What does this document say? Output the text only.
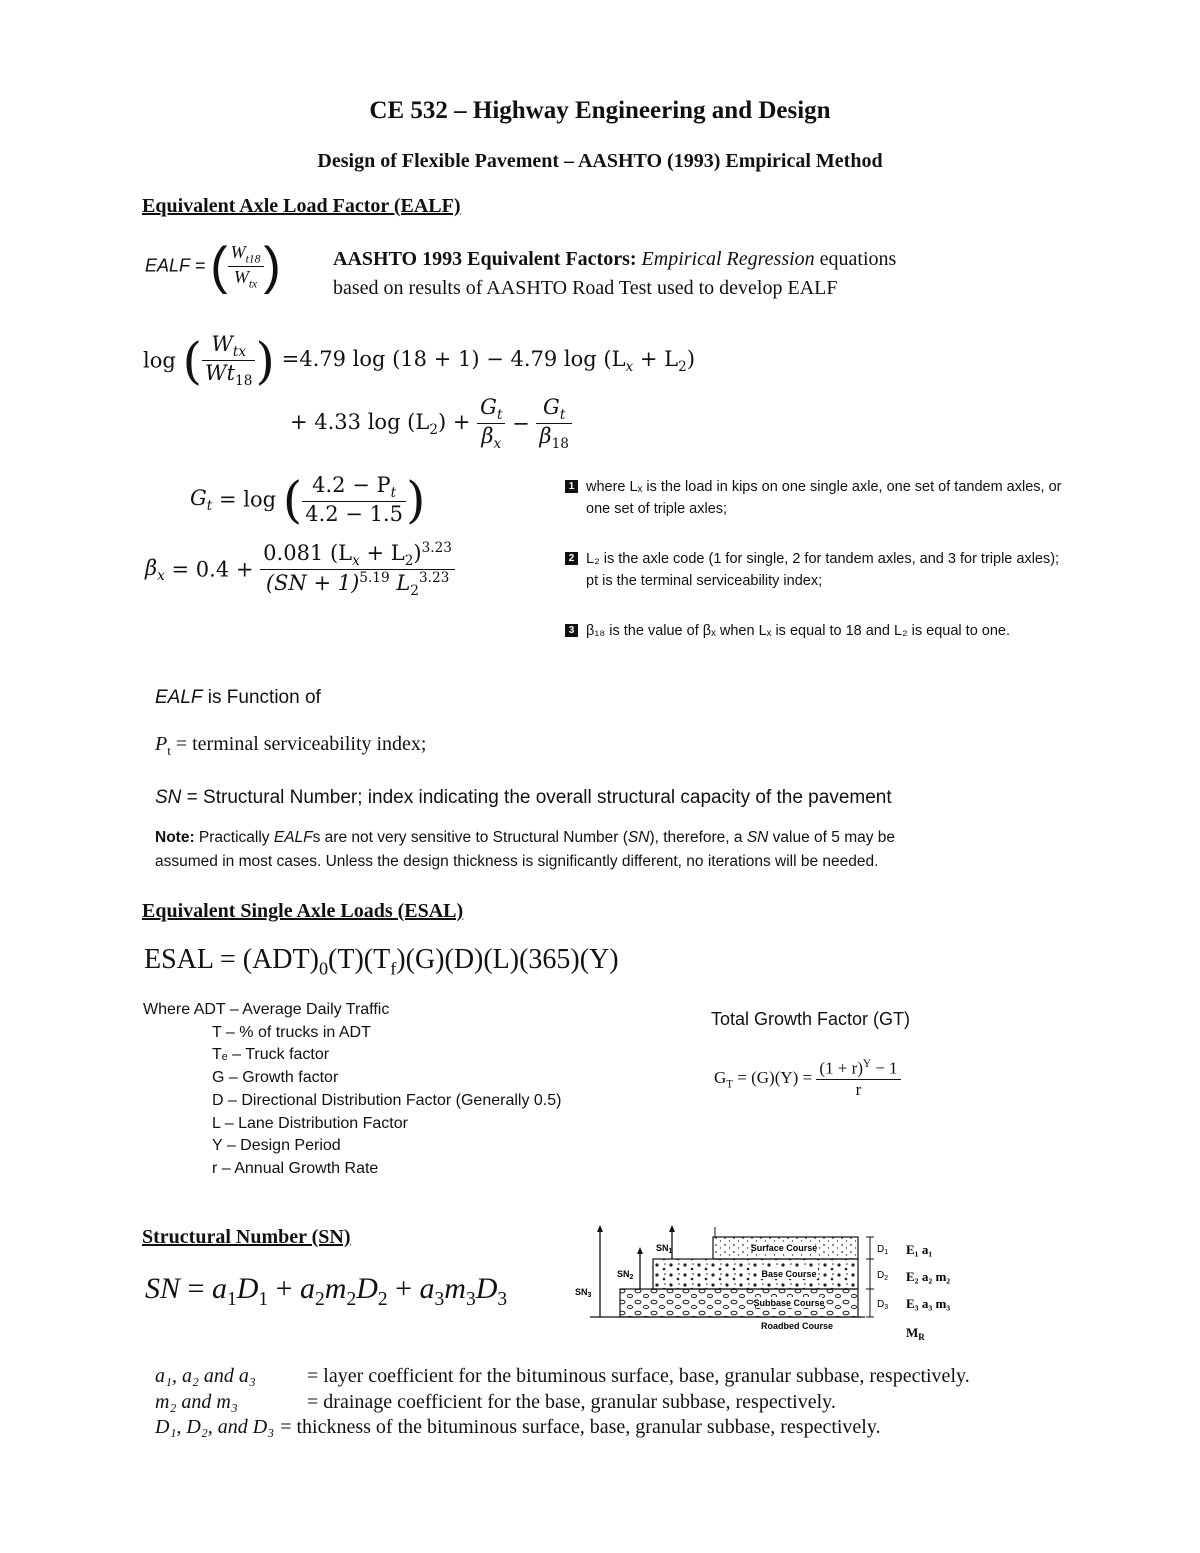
CE 532 – Highway Engineering and Design
Design of Flexible Pavement – AASHTO (1993) Empirical Method
Equivalent Axle Load Factor (EALF)
EALF = ( $\frac{W_{t18}}{W_{tx}}$ )	AASHTO 1993 Equivalent Factors: Empirical Regression equations
based on results of AASHTO Road Test used to develop EALF
log ( $\frac{W_{tx}}{Wt_{18}}$ ) =4.79 log (18 + 1) − 4.79 $\log (L_x + L_2)$
+ 4.33 $\log (L_2) + \frac{G_t}{\beta_x} - \frac{G_t}{\beta_{18}}$
$G_t = \log$ ( $\frac{4.2 - P_t}{4.2 - 1.5}$ )
$\beta_x = 0.4 + \frac{0.081 (L_x + L_2)^{3.23}}{(SN + 1)^{5.19} L_2^{3.23}}$
1 where Lₓ is the load in kips on one single axle, one set of tandem axles, or one set of triple axles;
2 L₂ is the axle code (1 for single, 2 for tandem axles, and 3 for triple axles); pt is the terminal serviceability index;
3 β₁₈ is the value of βₓ when Lₓ is equal to 18 and L₂ is equal to one.
EALF is Function of
$P_t$ = terminal serviceability index;
SN = Structural Number; index indicating the overall structural capacity of the pavement
Note: Practically EALFs are not very sensitive to Structural Number (SN), therefore, a SN value of 5 may be
assumed in most cases. Unless the design thickness is significantly different, no iterations will be needed.
Equivalent Single Axle Loads (ESAL)
ESAL = $(ADT)_0(T)(T_f)(G)(D)(L)(365)(Y)$
Where ADT – Average Daily Traffic
T – % of trucks in ADT
Tₑ – Truck factor
G – Growth factor
D – Directional Distribution Factor (Generally 0.5)
L – Lane Distribution Factor
Y – Design Period
r – Annual Growth Rate
Total Growth Factor (GT)
$G_T = (G)(Y) = \frac{(1 + r)^Y - 1}{r}$
Structural Number (SN)
SN = $a_1D_1 + a_2m_2D_2 + a_3m_3D_3$
Surface Course
Base Course
Subbase Course
Roadbed Course
$SN_1$
$SN_2$
$SN_3$
$D_1$
$D_2$
$D_3$
E₁ a₁
E₂ a₂ m₂
E₃ a₃ m₃
$M_R$
a₁, a₂ and a₃	= layer coefficient for the bituminous surface, base, granular subbase, respectively.
m₂ and m₃	= drainage coefficient for the base, granular subbase, respectively.
D₁, D₂, and D₃ = thickness of the bituminous surface, base, granular subbase, respectively.
